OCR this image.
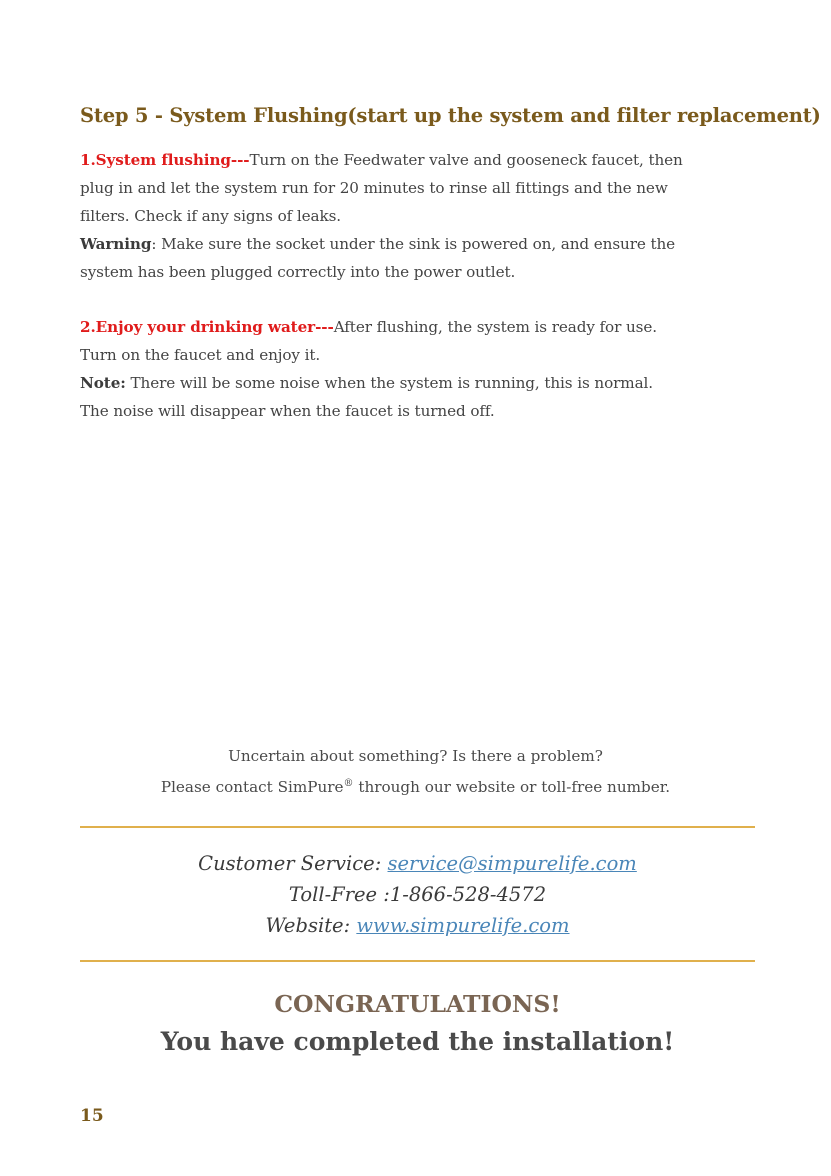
Step 5 - System Flushing(start up the system and filter replacement)
1.System flushing---Turn on the Feedwater valve and gooseneck faucet, then
plug in and let the system run for 20 minutes to rinse all fittings and the new
filters. Check if any signs of leaks.
Warning: Make sure the socket under the sink is powered on, and ensure the
system has been plugged correctly into the power outlet.
2.Enjoy your drinking water---After flushing, the system is ready for use.
Turn on the faucet and enjoy it.
Note: There will be some noise when the system is running, this is normal.
The noise will disappear when the faucet is turned off.
Uncertain about something? Is there a problem?
Please contact SimPure® through our website or toll-free number.
Customer Service: service@simpurelife.com
Toll-Free :1-866-528-4572
Website: www.simpurelife.com
CONGRATULATIONS!
You have completed the installation!
15
